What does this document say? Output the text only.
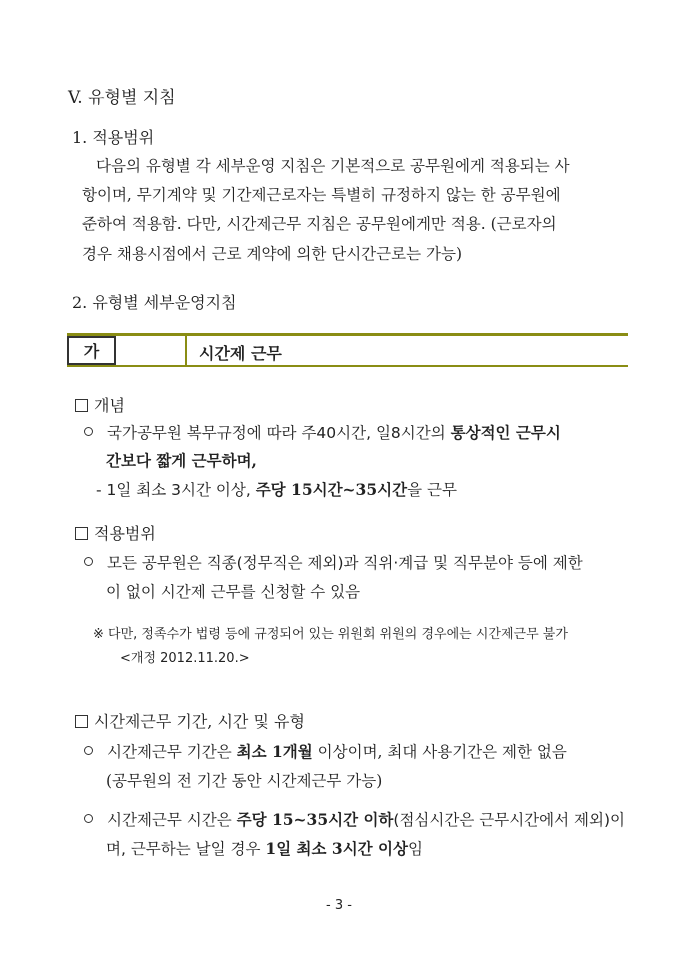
V. 유형별 지침
1. 적용범위
다음의 유형별 각 세부운영 지침은 기본적으로 공무원에게 적용되는 사
항이며, 무기계약 및 기간제근로자는 특별히 규정하지 않는 한 공무원에
준하여 적용함. 다만, 시간제근무 지침은 공무원에게만 적용. (근로자의
경우 채용시점에서 근로 계약에 의한 단시간근로는 가능)
2. 유형별 세부운영지침
가	시간제 근무
개념
국가공무원 복무규정에 따라 주40시간, 일8시간의 통상적인 근무시
간보다 짧게 근무하며,
- 1일 최소 3시간 이상, 주당 15시간~35시간을 근무
적용범위
모든 공무원은 직종(정무직은 제외)과 직위·계급 및 직무분야 등에 제한
이 없이 시간제 근무를 신청할 수 있음
※ 다만, 정족수가 법령 등에 규정되어 있는 위원회 위원의 경우에는 시간제근무 불가
<개정 2012.11.20.>
시간제근무 기간, 시간 및 유형
시간제근무 기간은 최소 1개월 이상이며, 최대 사용기간은 제한 없음
(공무원의 전 기간 동안 시간제근무 가능)
시간제근무 시간은 주당 15~35시간 이하(점심시간은 근무시간에서 제외)이
며, 근무하는 날일 경우 1일 최소 3시간 이상임
- 3 -
